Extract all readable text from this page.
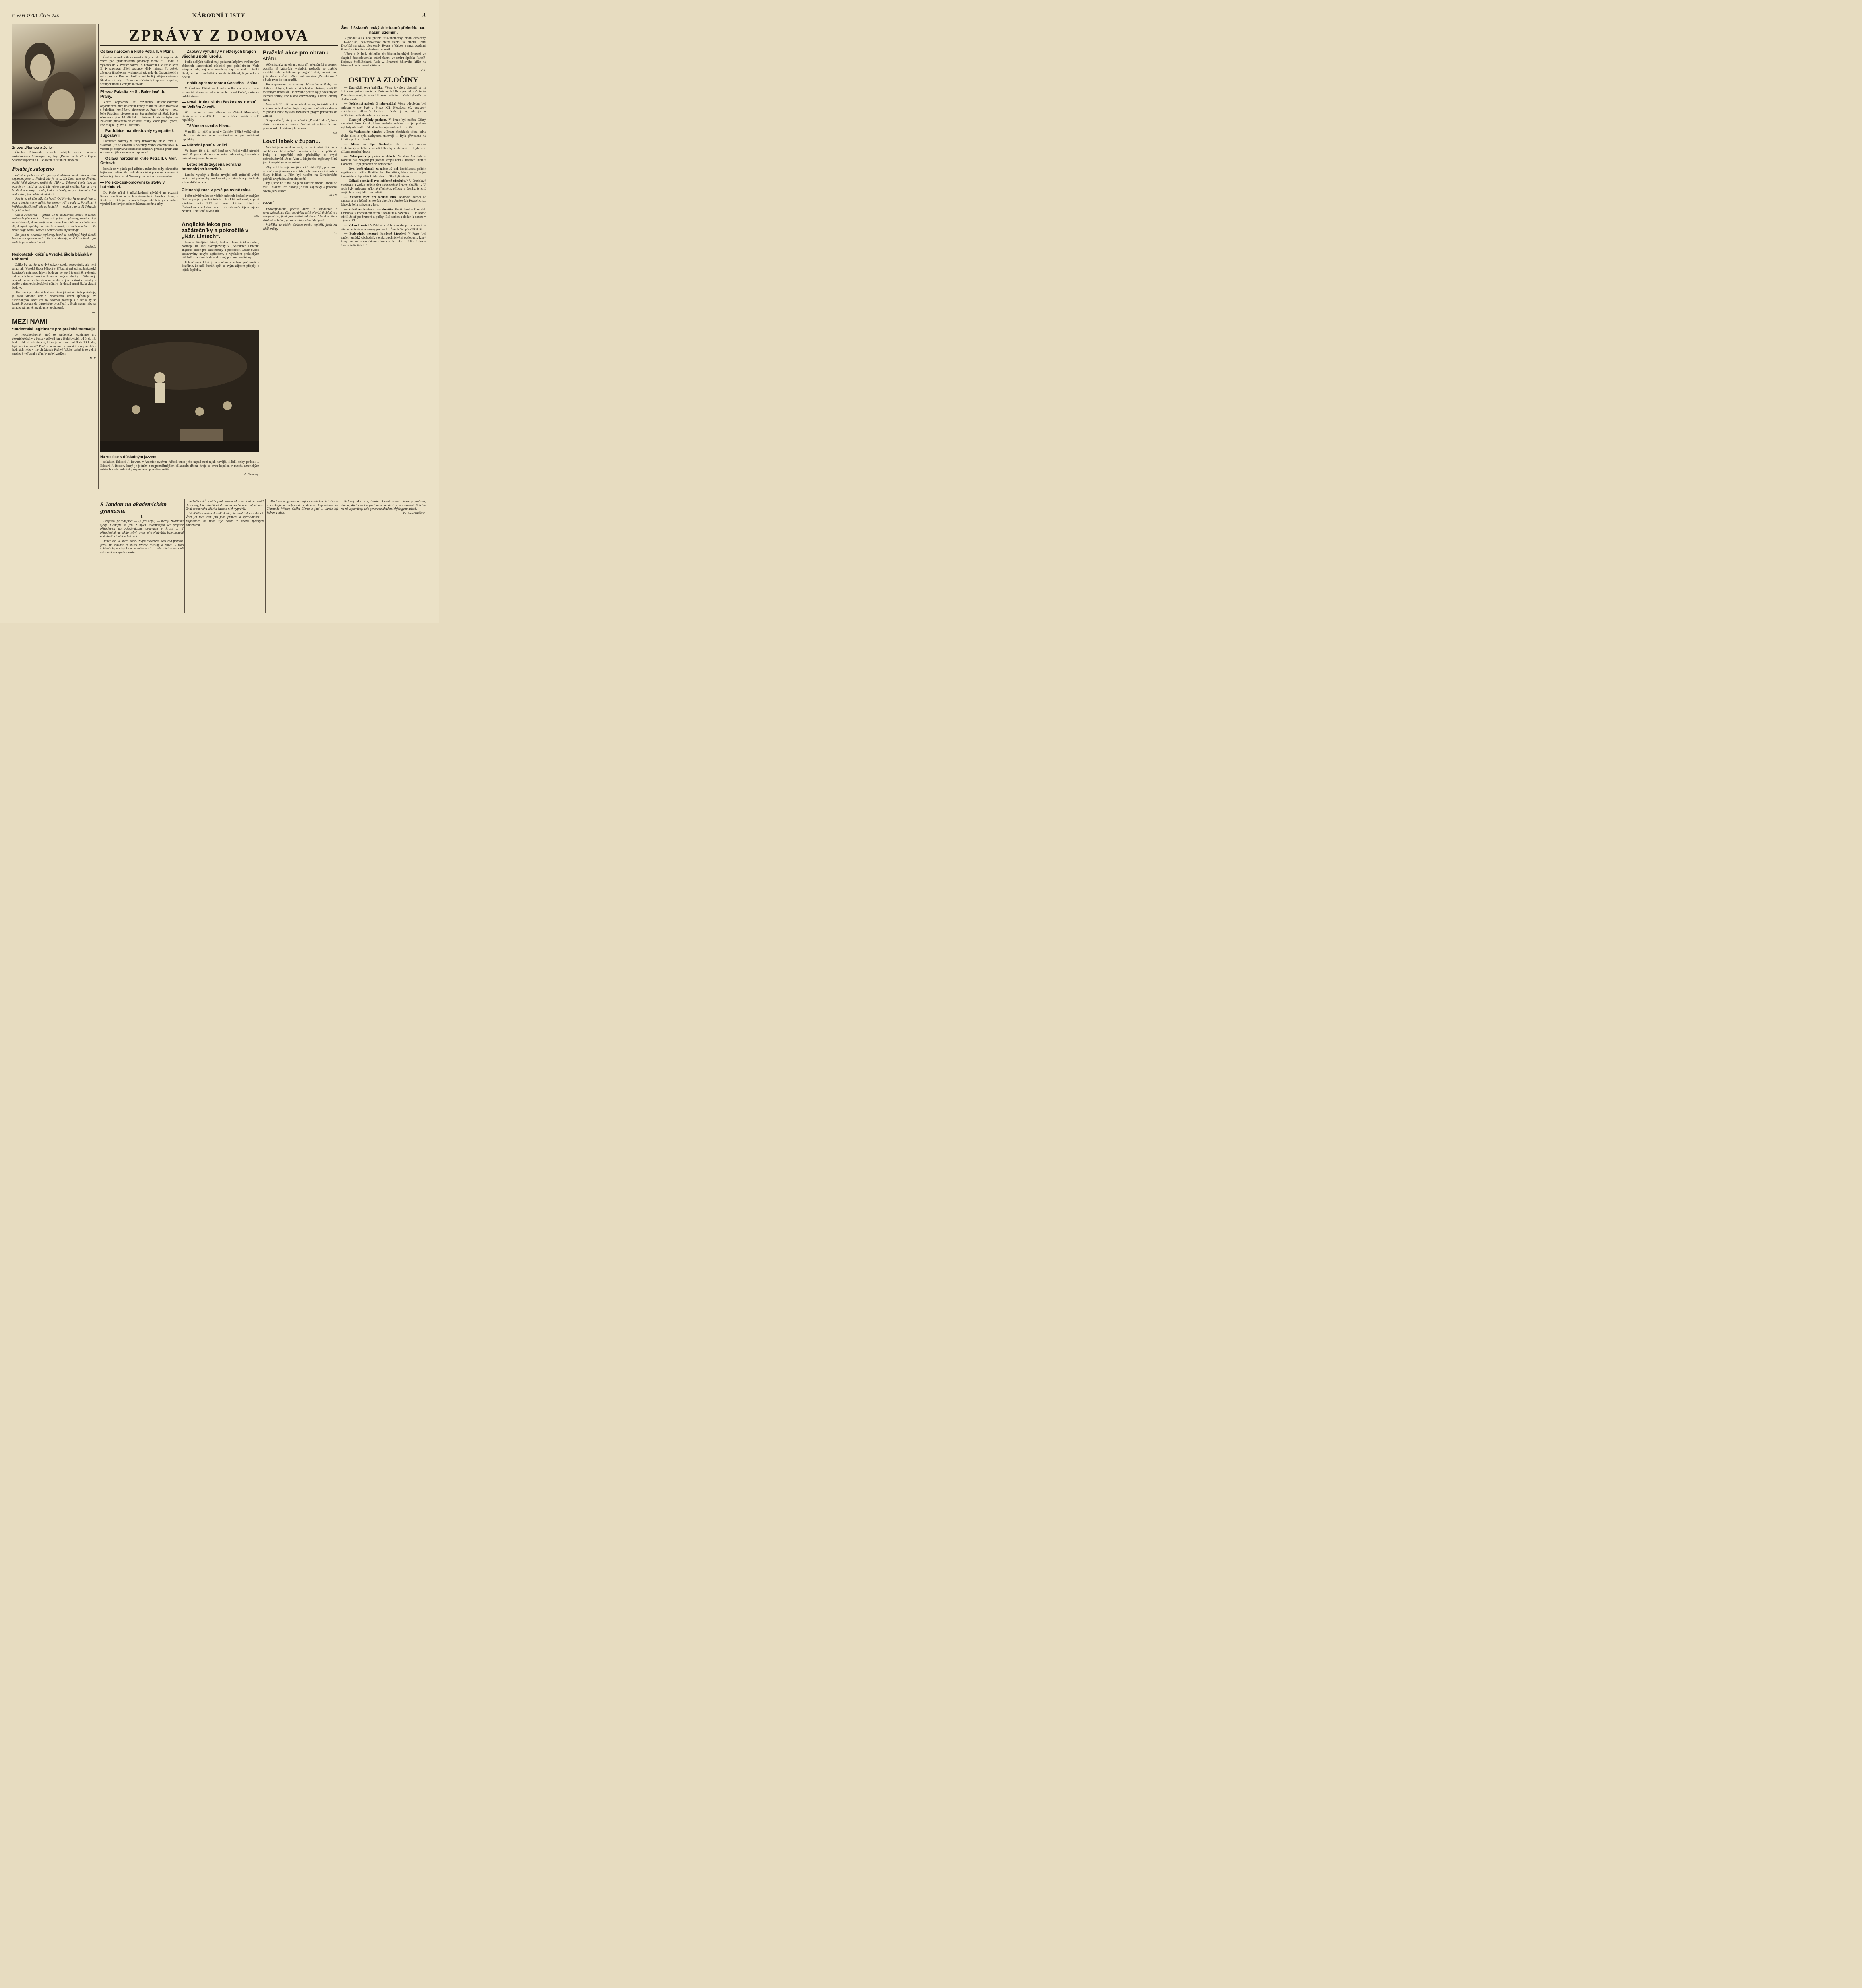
8. září 1938. Číslo 246.	NÁRODNÍ LISTY	3
Znovu „Romeo a Julie“.

Činohra Národního divadla zahájila sezonu novým nastudováním Shakespearovy hry „Romeo a Julie“ s Olgou Scheinpflugovou a L. Boháčem v titulních úlohách.

Polabí je zatopeno

a částečný obrázek této spousty si uděláme hned, zotva se však zapamatujeme ... Nedalá kde je to ... Na Labi kam se díváme, pořád ještě záplavy, rozlité do dálky ... Telegrafní tyče jsou ze poloviny v nichž se stojí, kde včera chodili sedláci, kde se nyní brodí skot a vozy ... Pole, louky, zahrady, sady a chmelnice leží pod vodou, jak daleko dohlédneš.

Pak je to už čím dál, tím horší. Od Nymburka se nové jezero, pole a louky, cesty zalité, jen stromy trčí z vody ... Po silnici k Velkému Zboží jezdí lidé na lodicích — vodou a to se dá čekat, že to ještě potrvá.

Okolo Poděbrad — jezero. Je to skutečnost, kterou si člověk nedovede představit ... Celé nížiny jsou zaplaveny, vesnice stojí na ostrůvcích, domy mají vodu až do oken. Lidé zachraňují co se dá, dobytek vyvádějí na návrší a čekají, až voda opadne ... Na břehu stojí hasiči, vojáci a dobrovolníci a pomáhají.

Ba, jsou to nevesele myšlenky, které se naskýtají, když člověk hledí na tu spoustu vod ... Tady se ukazuje, co dokáže živel a jak malý je proti němu člověk.

Stáňa E.
Nedostatek kněží a Vysoká škola báňská v Příbrami.

Zdálo by se, že tyto dvě otázky spolu nesouvisejí, ale není tomu tak. Vysoká škola báňská v Příbrami má od arcibiskupské konsistoře najmutou hlavní budovu, ve které je umístěn rektorát, aula a celá řada ústavů a hlavní geologické sbírky ... Příbram je opravdu centrem hornického studia a jen nešťastné vztahy a potíže v ústavech přesídlení učinily, že dosud nemá škola vlastní budovy.

Ale právě pro vlastní budovu, které již nutně škola potřebuje, je nyní vhodná chvíle. Nedostatek kněží způsobuje, že arcibiskupská konsistoř by budovu postoupila a škola by se konečně dostala do důstojného prostředí ... Bude nutno, aby se tomuto zájmu věnovalo plné pochopení.

rm.
MEZI NÁMI
Studentské legitimace pro pražské tramvaje.

Je nepochopitelné, proč se studentské legitimace pro elektrické dráhy v Praze vydávají jen v Holešovicích od 8. do 13. hodin. Jak si má student, který je ve škole od 8 do 13 hodin, legitimaci obstarat? Proč se nemohou vydávat i v odpoledních hodinách nebo v jiných částech Prahy? Vždyť stejně je to velmi snadno k vyřízení a úřad by nebyl zatížen.

M. V.
ZPRÁVY Z DOMOVA
Oslava narozenin krále Petra II. v Plzni.

Československo-jihoslovanská liga v Plzni uspořádala včera pod protektorátem předsedy vlády dr. Hodži a vyslance dr. V. Protiće oslavu 15. narozenin J. V. krále Petra II. K slavnosti přijel zástupce vlády ministr Fr. Ježek, zástupce jihoslovan. vyslanectví tej. rada dr. Dragutinović a univ. prof. dr. Domin. Hosté si prohlédli jubilejní výstavu a Škodovy závody ... Oslavy se zúčastnily korporace a spolky, zástupci úřadů a veřejného života.

Převoz Paladia ze St. Boleslavě do Prahy.

Včera odpoledne se rozloučilo staroboleslavské obyvatelstvo před kostelem Panny Marie ve Staré Boleslavi s Paladiem, které bylo převezeno do Prahy. Asi ve 4 hod. bylo Paladium převezeno na Staroměstské náměstí, kde je očekávalo přes 10.000 lidí ... Průvod kněžstva bylo pak Paladium převezeno do chrámu Panny Marie před Týnem, kde Magna Tylová dlí uloženo.

— Pardubice manifestovaly sympatie k Jugoslavii.

Pardubice oslavily v úterý narozeniny krále Petra II. slavností, jíž se zúčastnily všechny vrstvy obyvatelstva. K večeru po projevu ve kostele se konala v předsálí přednáška o významu jihoslovanských spojenců.

— Oslava narozenin krále Petra II. v Mor. Ostravě

konala se v pátek pod záštitou místního rady, okresního hejtmana, policejního ředitele a místní posádky. Slavnostní řečník ing. Ferdinand Neuner promluvil o významu dne.

— Polsko-československé styky v hotelnictví.

Do Prahy přijel k několikadenní návštěvě na pozvání Svazu hotelierů a velkorestaurantérů Jaroslav Lang z Krakova ... Delegace si prohlédla pražské hotely a jednala o výměně hotelových odborníků mezi oběma státy.

— Záplavy vyhubily v některých krajích všechnu polní úrodu.

Podle došlých hlášení mají podzimní záplavy v některých oblastech katastrofální důsledek pro polní úrodu. Voda zatopila pole, zejména brambory, řepu a jetel ... Velké škody utrpěli zemědělci v okolí Poděbrad, Nymburka a Kolína.

— Polák opět starostou Českého Těšína.

V Českém Těšíně se konala volba starosty a dvou náměstků. Starostou byl opět zvolen Josef Kočoň, zástupce polské strany.

— Nová útulna Klubu českoslov. turistů na Velkém Javoři.

90 m n. m., zřízena odborem ve Zlatých Moravcích, otevřena se v neděli 11. t. m. s účastí turistů z celé republiky.

— Těšínsko uvedlo hlasu.

V neděli 11. září se koná v Českém Těšíně velký tábor lidu, na kterém bude manifestováno pro celistvost republiky.

— Národní pouť v Polici.

Ve dnech 10. a 11. září koná se v Polici velká národní pouť. Program zahrnuje slavnostní bohoslužby, koncerty a průvod krojovaných skupin.

— Letos bude zvýšena ochrana tatranských kamzíků.

Letošní vysoký a dlouho trvající sníh způsobil velmi nepříznivé podmínky pro kamzíky v Tatrách, a proto bude letos odstřel omezen.

Cizinecký ruch v prvé polovině roku.

Počet návštěvníků ve větších městech československých činil za prvých pololetí tohoto roku 1.07 mil. osob, o proti loňskému roku 1.13 mil. osob. Cizinci strávili v Československu 2.3 mil. nocí ... Ze zahraničí přijelo nejvíce Němců, Rakušanů a Maďarů.

mp.
Anglické lekce pro začátečníky a pokročilé v „Nár. Listech“.

Jako v dřívějších letech, budou i letos každou neděli, počínaje 18. září, zveřejňovány v „Národních Listech“ anglické lekce pro začátečníky a pokročilé. Lekce budou sestavovány novým způsobem, s výkladem praktických příkladů a cvičení. Řídí je zkušený profesor angličtiny.

Pokračování lekcí je obstaráno s velkou pečlivostí a doufáme, že naši čtenáři opět se svým zájmem přispějí k jejich úspěchu.

Pražská akce pro obranu státu.

Ačkoli sbírka na obranu státu při pokračující propagaci dosáhla již krásných výsledků, rozhodla se pražská městská rada podniknout propagační akci, po níž mají ještě sbírky vzrůst ... Akce bude nazvána „Pražská akce“ a bude trvat do konce září.

Bude apelováno na všechny občany Velké Prahy. Jen obilky a dobyty, které do nich budou vloženy, vzali 80 městských úředníků. Odevzdané peníze byly odeslány do ústřední sbírky, kde budou odevzdávány k účelu obrany státu.

Ve středu 14. září vyvrcholí akce tím, že každé rodině v Praze bude doručen dopis s výzvou k účasti na sbírce. V pondělí bude vysílán rozhlasem projev primátora dr. Zenkla.

Soupis dárců, který se účastní „Pražské akce“, bude uložen v městském museu. Pražané tak dokáží, že mají pravou lásku k státu a jeho obraně.

vm.
Lovci lebek v županu.

Všichni jsme se domnívali, že lovci lebek žijí jen v daleké exotické divočině ... a zatím jeden z nich přišel do Prahy a uspořádal zde přednášky o svých dobrodružstvích. Je to Alan ... Majitelům půjčovny filmů jsou tu úspěchy dobře známé ...

Aby byl film zajímavější a ještě vědečtější, procházeli se v něm na jihoamerickém trhu, kde jsou k vidění sušené hlavy indiánů ... Film byl natočen na Ekvadorském pobřeží a vyžadoval mnoho obětí.

Byli jsme na filmu po jeho halasné chvále, dívali se, truli i dlouze. Pro občany je film zajímavý a předvádí dávno již v kinech.

ALAN.
Počasí.

Pravděpodobné počasí dnes: V západních a severozápadních části republiky ještě převážně oblačno a místy deštivo, jinak proměnlivá oblačnost. Chladno. Jinde střídavě oblačno, po ránu místy mlha. Slabý vítr.

Vyhlídka na zítřek: Celkem trochu teplejší, jinak bez větší změny.

hk.
Šest říšskoněmeckých letounů přeletělo nad naším územím.

V pondělí o 14. hod. přeletěl říšskoněmecký letoun, označený „D—IAKO“, československé státní území ve směru Horní Dvořiště na západ přes osady Bystré a Valdov a mezi osadami Frantoly a Kaplice naše území opustil.

Včera o 9. hod. přeletělo pět říšskoněmeckých letounů ve skupině československé státní území ve směru Spišské-Pancíř-Hojsova Stráž-Železná Ruda ... Znamení hákového kříže na letounech byla přesně zjištěna.

čtk.
OSUDY A ZLOČINY

— Zavraždil svou babičku. Včera k večeru dostavil se na četnickou pátrací stanici v Dušníkách 21letý pacholek Antonín Petržílka a udal, že zavraždil svou babičku ... Vrah byl zatčen a dodán soudu.

— Nešťastná náhoda či sebevražda? Včera odpoledne byl nalezen v své bytě v Praze XII. Nerudova 60, otrávený svítiplynem 80letý V. Beitler ... Vyšetřuje se, zda jde o nešťastnou náhodu nebo sebevraždu.

— Rozbíjel výklady prakem. V Praze byl zatčen 33letý zámečník Josef Ortelt, který poslední měsíce rozbíjel prakem výklady obchodů ... Škodu odhadují na několik tisíc Kč.

— Na Václavském náměstí v Praze přecházela včera jedna dívka ulici a byla zachycena tramvají ... Byla převezena na kliniku prof. dr. Jirásla.

— Místa na lépe Svobody. Na rozhraní okresu českobudějovického a netolického byla slavnost ... Byla zde zřízena pamětní deska.

— Neberpečná je práce v dolech. Na dole Gabriela v Karviné byl zasypán při padání stropu horník Jindřich Blan z Darkova ... Byl převezen do nemocnice.

— Dva, kteří ukradli za měsíc 19 kol. Bratislavská policie vypátrala a zatkla 19letého Fr. Tomaštíka, který se se svým kamarádem dopouštěl krádeží kol ... Oba byli zatčeni.

— Odkud pocházejí tyto stříbrné předměty? V Bratislavě vypátrala a zatkla policie dva nebezpečné bytové zloděje ... U nich byly nalezeny stříbrné předměty, příbory a šperky, jejichž majitelé se mají hlásit na policii.

— Vánoční zpěv při hledání hub. Nedávno odešel ze zanatoria pro léčení nervových chorob v Jankových Koupelích ... Mrtvola byla nalezena v lese.

— Střelil na bratra a bramboriště. Bratři Josef a František Hruškové v Pořežanech se měli rozděliti o pozemek ... Při hádce střelil Josef po bratrovi z pušky. Byl zatčen a dodán k soudu v Týně n. Vlt.

— Vykradl kostel. V Pchérách u Slaného vloupal se v noci na středu do kostela neznámý pachatel ... Škoda činí přes 2000 Kč.

— Podvodník nekoupil kradené žárovky! V Praze byl zatčen pražský obchodník s elektrotechnickými potřebami, který koupil od svého zaměstnance kradené žárovky ... Celková škoda činí několik tisíc Kč.

Na voličce s důkladným jazzem

skladatel Edward J. Bowen, v Americe oviémn. Ačkoli tento jeho nápad není nijak novější, sklidil velký potlesk ... Edward J. Bowen, který je jedním z nejpopulárnějších skladatelů džezu, hraje se svou kapelou v mnoha amerických městech a jeho nahrávky se prodávají po celém světě.

A. Dvorský.
S Jandou na akademickém gymnasiu.
I.

Profesoři přírodopisci — (a jen ony?) — bývají zvláštními zjevy. Kladným se jeví z mých studentských let profesor přírodopisu na Akademickém gymnasiu v Praze ... V přírodovědě mu nikdo nebyl roven, jeho přednášky byly poutavé a studenti jej měli velmi rádi.

Janda byl ve svém oboru živým člověkem. Měl rád přírodu, jezdil na exkurze a sbíral vzácné rostliny a hmyz. V jeho kabinetu bylo vždycky plno zajímavostí ... Jeho žáci se mu rádi svěřovali se svými starostmi.

Několik roků hostila prof. Jandu Morava. Pak se vrátil do Prahy, kde působil až do svého odchodu na odpočinek. Znal se s mnoha vědci a často o nich vyprávěl.

Ve třídě se ovšem dovedl zlobit, ale hned byl zase dobrý. Žáci jej měli rádi pro jeho přímost a spravedlnost ... Vzpomínka na něho žije dosud v mnoha bývalých studentech.

Akademické gymnasium bylo v mých letech ústavem s vynikajícím profesorským sborem. Vzpomínám na Zikmunda Winter, Čeňka Zíbrta a jiné ... Janda byl jedním z nich.

Srdečný Moravan, Florian Horut, velmi milovaný profesor, Janda, Winter — to byla jména, na která se nezapomíná. S úctou na ně vzpomínají celé generace akademických gymnasistů.

Dr. Josef PEŠEK.
